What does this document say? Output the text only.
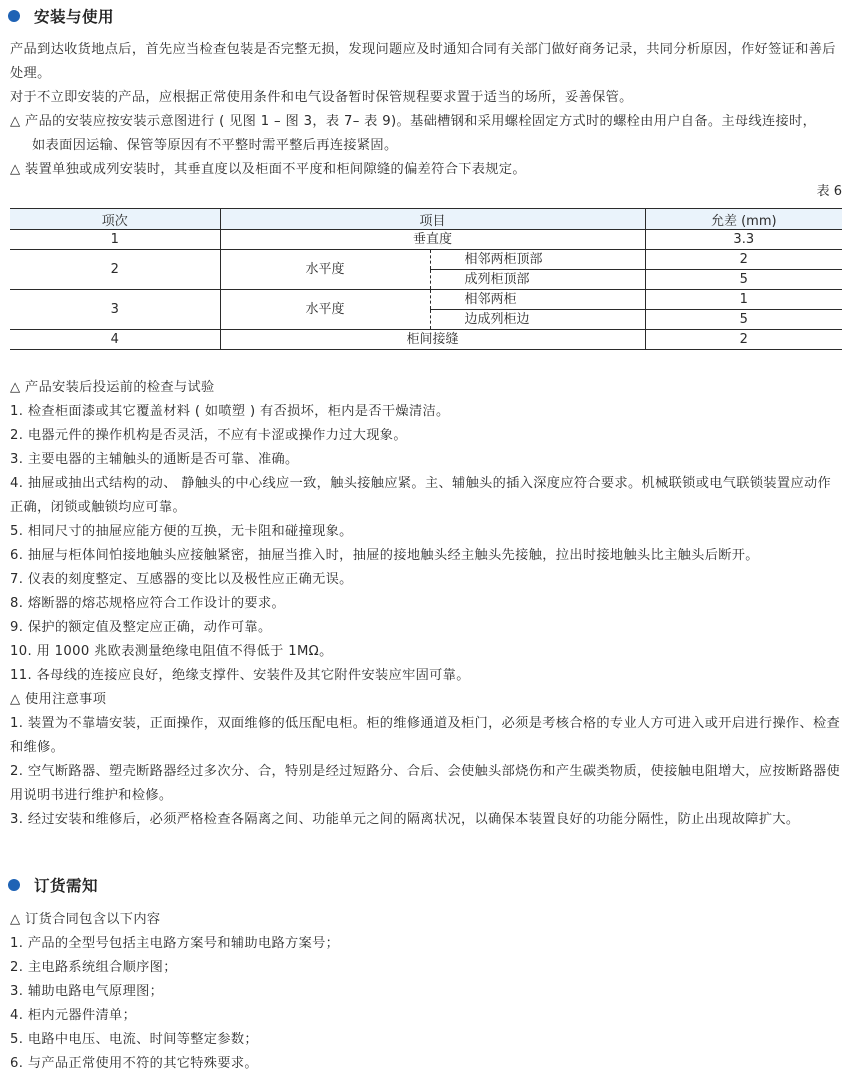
安装与使用

产品到达收货地点后，首先应当检查包装是否完整无损，发现问题应及时通知合同有关部门做好商务记录，共同分析原因，作好签证和善后处理。

对于不立即安装的产品，应根据正常使用条件和电气设备暂时保管规程要求置于适当的场所，妥善保管。

△ 产品的安装应按安装示意图进行 ( 见图 1 – 图 3，表 7– 表 9)。基础槽钢和采用螺栓固定方式时的螺栓由用户自备。主母线连接时，

如表面因运输、保管等原因有不平整时需平整后再连接紧固。

△ 装置单独或成列安装时，其垂直度以及柜面不平度和柜间隙缝的偏差符合下表规定。

表 6
项次	项目		允差 (mm)
1	垂直度		3.3
2	水平度	相邻两柜顶部	2
		成列柜顶部	5
3	水平度	相邻两柜	1
		边成列柜边	5
4	柜间接缝		2

△ 产品安装后投运前的检查与试验

1. 检查柜面漆或其它覆盖材料 ( 如喷塑 ) 有否损坏，柜内是否干燥清洁。

2. 电器元件的操作机构是否灵活，不应有卡涩或操作力过大现象。

3. 主要电器的主辅触头的通断是否可靠、准确。

4. 抽屉或抽出式结构的动、 静触头的中心线应一致，触头接触应紧。主、辅触头的插入深度应符合要求。机械联锁或电气联锁装置应动作正确，闭锁或触锁均应可靠。

5. 相同尺寸的抽屉应能方便的互换，无卡阻和碰撞现象。

6. 抽屉与柜体间怕接地触头应接触紧密，抽屉当推入时，抽屉的接地触头经主触头先接触，拉出时接地触头比主触头后断开。

7. 仪表的刻度整定、互感器的变比以及极性应正确无误。

8. 熔断器的熔芯规格应符合工作设计的要求。

9. 保护的额定值及整定应正确，动作可靠。

10. 用 1000 兆欧表测量绝缘电阻值不得低于 1MΩ。

11. 各母线的连接应良好，绝缘支撑件、安装件及其它附件安装应牢固可靠。

△ 使用注意事项

1. 装置为不靠墙安装，正面操作，双面维修的低压配电柜。柜的维修通道及柜门，必须是考核合格的专业人方可进入或开启进行操作、检查和维修。

2. 空气断路器、塑壳断路器经过多次分、合，特别是经过短路分、合后、会使触头部烧伤和产生碳类物质，使接触电阻增大，应按断路器使用说明书进行维护和检修。

3. 经过安装和维修后，必须严格检查各隔离之间、功能单元之间的隔离状况，以确保本装置良好的功能分隔性，防止出现故障扩大。

订货需知

△ 订货合同包含以下内容

1. 产品的全型号包括主电路方案号和辅助电路方案号；

2. 主电路系统组合顺序图；

3. 辅助电路电气原理图；

4. 柜内元器件清单；

5. 电路中电压、电流、时间等整定参数；

6. 与产品正常使用不符的其它特殊要求。
